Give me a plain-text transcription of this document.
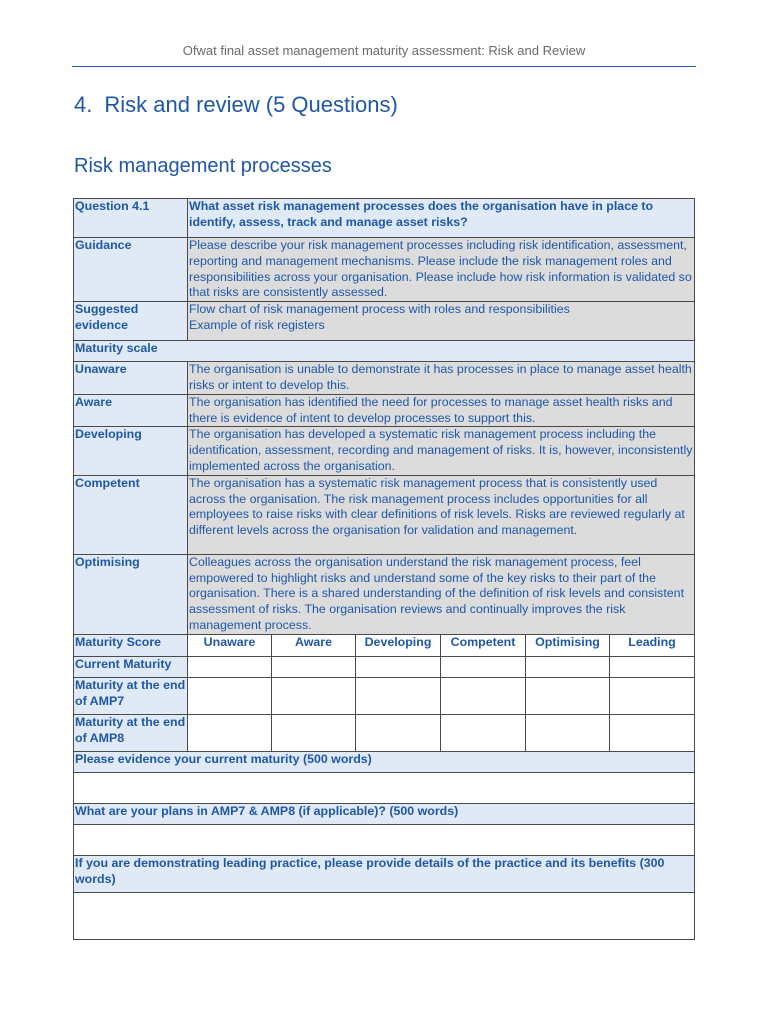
Ofwat final asset management maturity assessment: Risk and Review
4. Risk and review (5 Questions)
Risk management processes
Question 4.1	What asset risk management processes does the organisation have in place to identify, assess, track and manage asset risks?					
Guidance	Please describe your risk management processes including risk identification, assessment, reporting and management mechanisms. Please include the risk management roles and responsibilities across your organisation. Please include how risk information is validated so that risks are consistently assessed.					
Suggested evidence	Flow chart of risk management process with roles and responsibilities
Example of risk registers					

Maturity scale						
Unaware	The organisation is unable to demonstrate it has processes in place to manage asset health risks or intent to develop this.					
Aware	The organisation has identified the need for processes to manage asset health risks and there is evidence of intent to develop processes to support this.					
Developing	The organisation has developed a systematic risk management process including the identification, assessment, recording and management of risks. It is, however, inconsistently implemented across the organisation.					
Competent	The organisation has a systematic risk management process that is consistently used across the organisation. The risk management process includes opportunities for all employees to raise risks with clear definitions of risk levels. Risks are reviewed regularly at different levels across the organisation for validation and management.					
Optimising	Colleagues across the organisation understand the risk management process, feel empowered to highlight risks and understand some of the key risks to their part of the organisation. There is a shared understanding of the definition of risk levels and consistent assessment of risks. The organisation reviews and continually improves the risk management process.					
Maturity Score	Unaware	Aware	Developing	Competent	Optimising	Leading
Current Maturity						
Maturity at the end of AMP7						
Maturity at the end of AMP8						
Please evidence your current maturity (500 words)						

What are your plans in AMP7 & AMP8 (if applicable)? (500 words)						

If you are demonstrating leading practice, please provide details of the practice and its benefits (300 words)						
